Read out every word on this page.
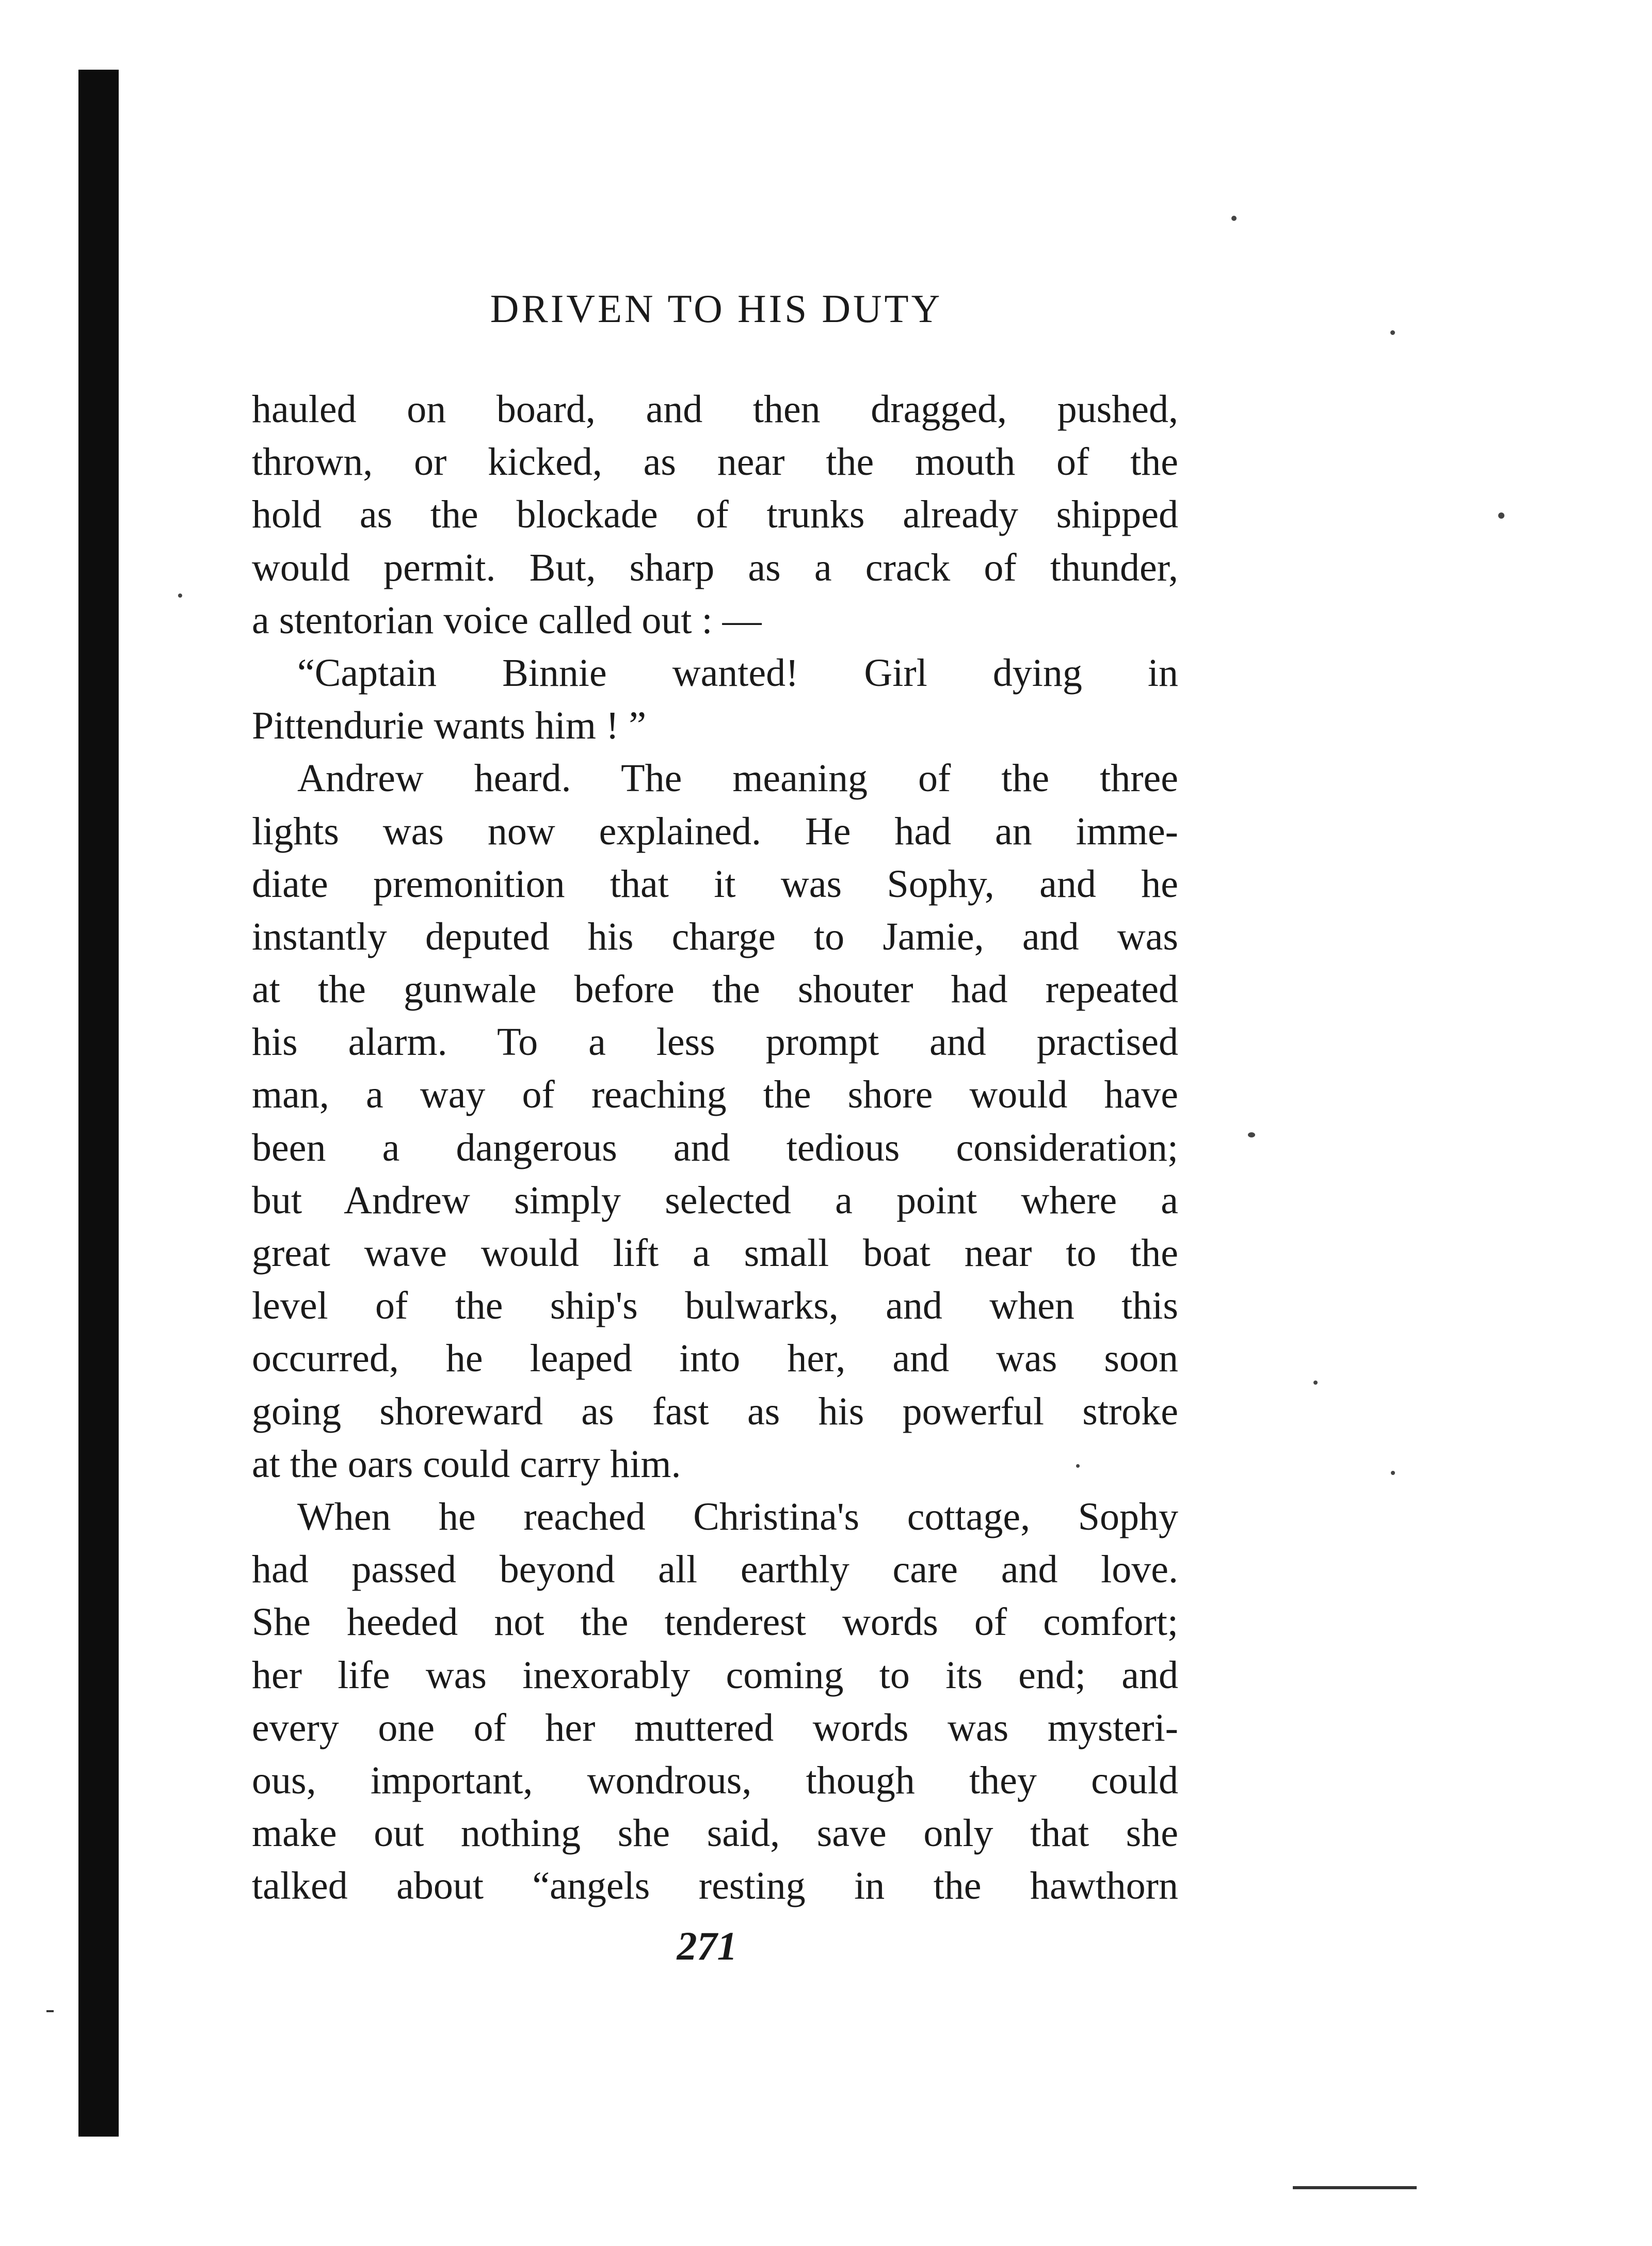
DRIVEN TO HIS DUTY
hauled on board, and then dragged, pushed,
thrown, or kicked, as near the mouth of the
hold as the blockade of trunks already shipped
would permit. But, sharp as a crack of thunder,
a stentorian voice called out : —
“Captain Binnie wanted! Girl dying in
Pittendurie wants him ! ”
Andrew heard. The meaning of the three
lights was now explained. He had an imme-
diate premonition that it was Sophy, and he
instantly deputed his charge to Jamie, and was
at the gunwale before the shouter had repeated
his alarm. To a less prompt and practised
man, a way of reaching the shore would have
been a dangerous and tedious consideration;
but Andrew simply selected a point where a
great wave would lift a small boat near to the
level of the ship's bulwarks, and when this
occurred, he leaped into her, and was soon
going shoreward as fast as his powerful stroke
at the oars could carry him.
When he reached Christina's cottage, Sophy
had passed beyond all earthly care and love.
She heeded not the tenderest words of comfort;
her life was inexorably coming to its end; and
every one of her muttered words was mysteri-
ous, important, wondrous, though they could
make out nothing she said, save only that she
talked about “angels resting in the hawthorn
271
